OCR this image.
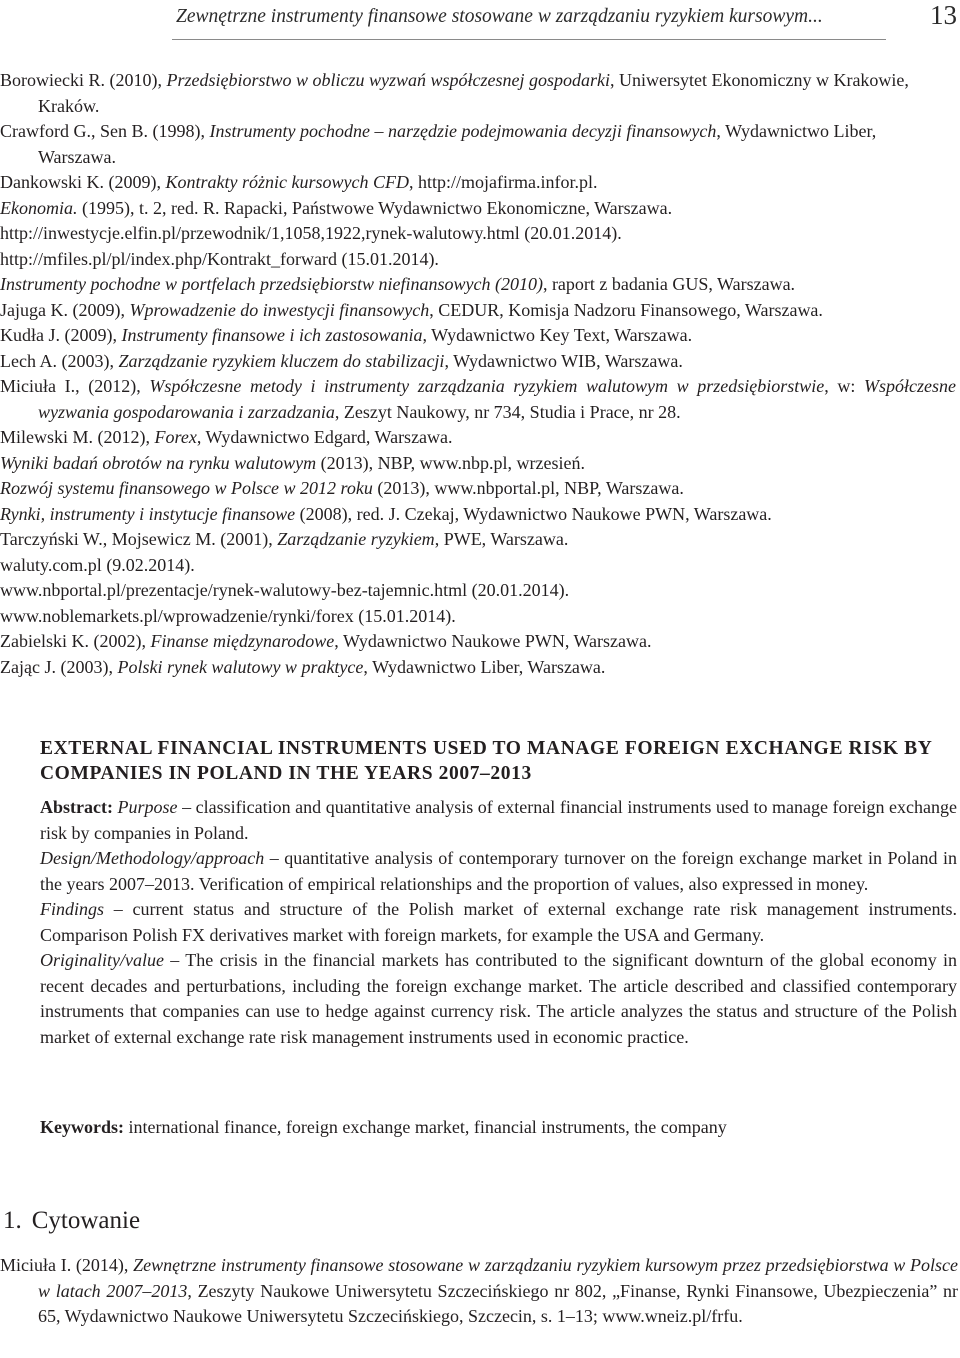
Zewnętrzne instrumenty finansowe stosowane w zarządzaniu ryzykiem kursowym...	13

Borowiecki R. (2010), Przedsiębiorstwo w obliczu wyzwań współczesnej gospodarki, Uniwersytet Ekonomiczny w Krakowie, Kraków.

Crawford G., Sen B. (1998), Instrumenty pochodne – narzędzie podejmowania decyzji finansowych, Wydawnictwo Liber, Warszawa.

Dankowski K. (2009), Kontrakty różnic kursowych CFD, http://mojafirma.infor.pl.

Ekonomia. (1995), t. 2, red. R. Rapacki, Państwowe Wydawnictwo Ekonomiczne, Warszawa.

http://inwestycje.elfin.pl/przewodnik/1,1058,1922,rynek-walutowy.html (20.01.2014).

http://mfiles.pl/pl/index.php/Kontrakt_forward (15.01.2014).

Instrumenty pochodne w portfelach przedsiębiorstw niefinansowych (2010), raport z badania GUS, Warszawa.

Jajuga K. (2009), Wprowadzenie do inwestycji finansowych, CEDUR, Komisja Nadzoru Finansowego, Warszawa.

Kudła J. (2009), Instrumenty finansowe i ich zastosowania, Wydawnictwo Key Text, Warszawa.

Lech A. (2003), Zarządzanie ryzykiem kluczem do stabilizacji, Wydawnictwo WIB, Warszawa.

Miciuła I., (2012), Współczesne metody i instrumenty zarządzania ryzykiem walutowym w przedsiębiorstwie, w: Współczesne wyzwania gospodarowania i zarzadzania, Zeszyt Naukowy, nr 734, Studia i Prace, nr 28.

Milewski M. (2012), Forex, Wydawnictwo Edgard, Warszawa.

Wyniki badań obrotów na rynku walutowym (2013), NBP, www.nbp.pl, wrzesień.

Rozwój systemu finansowego w Polsce w 2012 roku (2013), www.nbportal.pl, NBP, Warszawa.

Rynki, instrumenty i instytucje finansowe (2008), red. J. Czekaj, Wydawnictwo Naukowe PWN, Warszawa.

Tarczyński W., Mojsewicz M. (2001), Zarządzanie ryzykiem, PWE, Warszawa.

waluty.com.pl (9.02.2014).

www.nbportal.pl/prezentacje/rynek-walutowy-bez-tajemnic.html (20.01.2014).

www.noblemarkets.pl/wprowadzenie/rynki/forex (15.01.2014).

Zabielski K. (2002), Finanse międzynarodowe, Wydawnictwo Naukowe PWN, Warszawa.

Zając J. (2003), Polski rynek walutowy w praktyce, Wydawnictwo Liber, Warszawa.

EXTERNAL FINANCIAL INSTRUMENTS USED TO MANAGE FOREIGN EXCHANGE RISK BY COMPANIES IN POLAND IN THE YEARS 2007–2013

Abstract: Purpose – classification and quantitative analysis of external financial instruments used to manage foreign exchange risk by companies in Poland.

Design/Methodology/approach – quantitative analysis of contemporary turnover on the foreign exchange market in Poland in the years 2007–2013. Verification of empirical relationships and the proportion of values, also expressed in money.

Findings – current status and structure of the Polish market of external exchange rate risk management instruments. Comparison Polish FX derivatives market with foreign markets, for example the USA and Germany.

Originality/value – The crisis in the financial markets has contributed to the significant downturn of the global economy in recent decades and perturbations, including the foreign exchange market. The article described and classified contemporary instruments that companies can use to hedge against currency risk. The article analyzes the status and structure of the Polish market of external exchange rate risk management instruments used in economic practice.

Keywords: international finance, foreign exchange market, financial instruments, the company
1. Cytowanie

Miciuła I. (2014), Zewnętrzne instrumenty finansowe stosowane w zarządzaniu ryzykiem kursowym przez przedsiębiorstwa w Polsce w latach 2007–2013, Zeszyty Naukowe Uniwersytetu Szczecińskiego nr 802, „Finanse, Rynki Finansowe, Ubezpieczenia” nr 65, Wydawnictwo Naukowe Uniwersytetu Szczecińskiego, Szczecin, s. 1–13; www.wneiz.pl/frfu.
